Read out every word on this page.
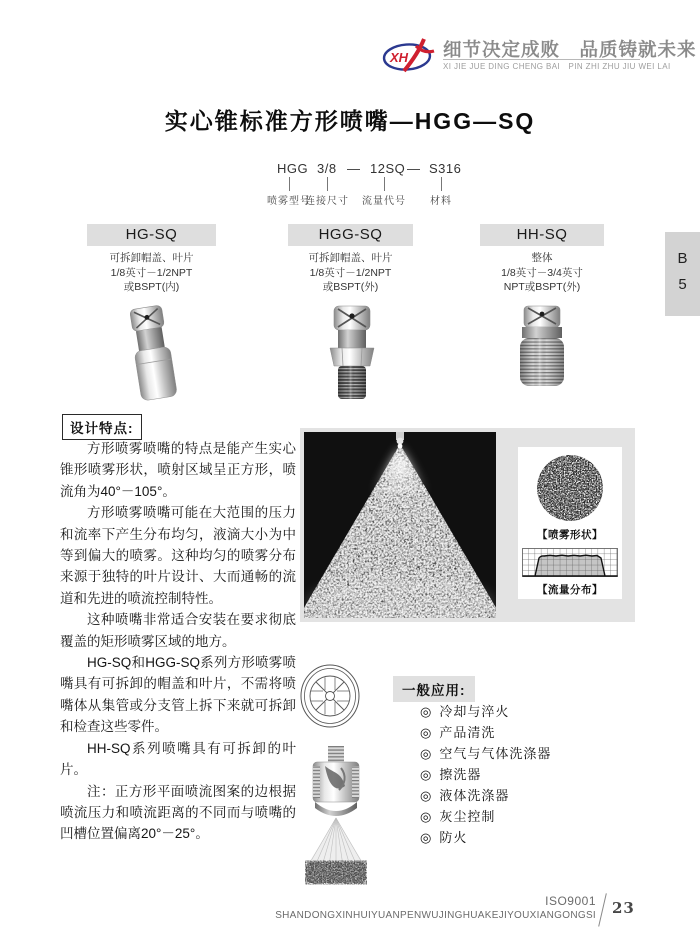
XH 细节决定成败　品质铸就未来
XI JIE JUE DING CHENG BAI　PIN ZHI ZHU JIU WEI LAI
实心锥标准方形喷嘴—HGG—SQ
HGG 3/8 — 12SQ — S316
喷雾型号
连接尺寸 流量代号 材料
HG-SQ
可拆卸帽盖、叶片
1/8英寸－1/2NPT
或BSPT(内)
HGG-SQ
可拆卸帽盖、叶片
1/8英寸－1/2NPT
或BSPT(外)
HH-SQ
整体
1/8英寸－3/4英寸
NPT或BSPT(外)
B
5
设计特点:

方形喷雾喷嘴的特点是能产生实心锥形喷雾形状，喷射区域呈正方形，喷流角为40°－105°。

方形喷雾喷嘴可能在大范围的压力和流率下产生分布均匀，液滴大小为中等到偏大的喷雾。这种均匀的喷雾分布来源于独特的叶片设计、大而通畅的流道和先进的喷流控制特性。

这种喷嘴非常适合安装在要求彻底覆盖的矩形喷雾区域的地方。

HG-SQ和HGG-SQ系列方形喷雾喷嘴具有可拆卸的帽盖和叶片，不需将喷嘴体从集管或分支管上拆下来就可拆卸和检查这些零件。

HH-SQ系列喷嘴具有可拆卸的叶片。

注：正方形平面喷流图案的边根据喷流压力和喷流距离的不同而与喷嘴的凹槽位置偏离20°－25°。

【喷雾形状】
【流量分布】
一般应用:
◎ 冷却与淬火
◎ 产品清洗
◎ 空气与气体洗涤器
◎ 擦洗器
◎ 液体洗涤器
◎ 灰尘控制
◎ 防火
ISO9001
SHANDONGXINHUIYUANPENWUJINGHUAKEJIYOUXIANGONGSI 23
